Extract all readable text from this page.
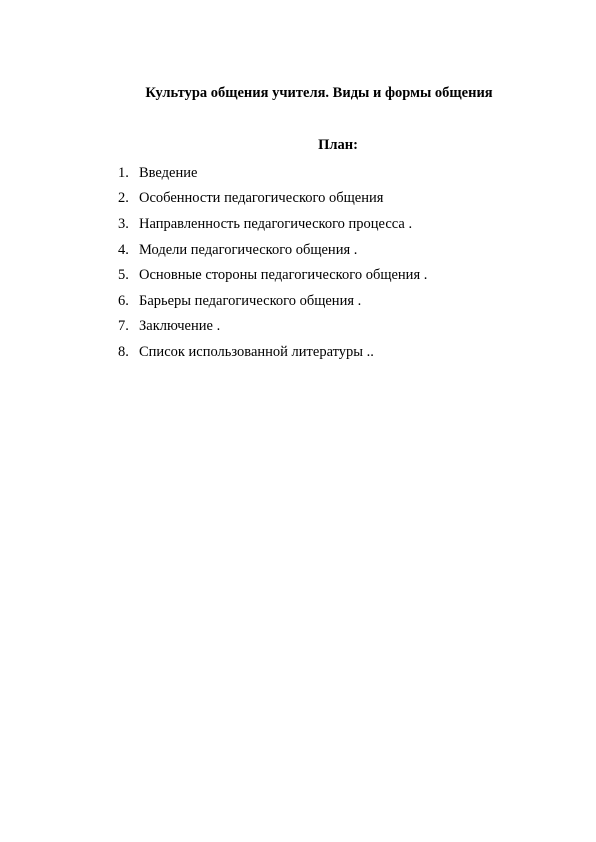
Культура общения учителя. Виды и формы общения
План:
1. Введение
2. Особенности педагогического общения
3. Направленность педагогического процесса .
4. Модели педагогического общения .
5. Основные стороны педагогического общения .
6. Барьеры педагогического общения .
7. Заключение .
8. Список использованной литературы ..
